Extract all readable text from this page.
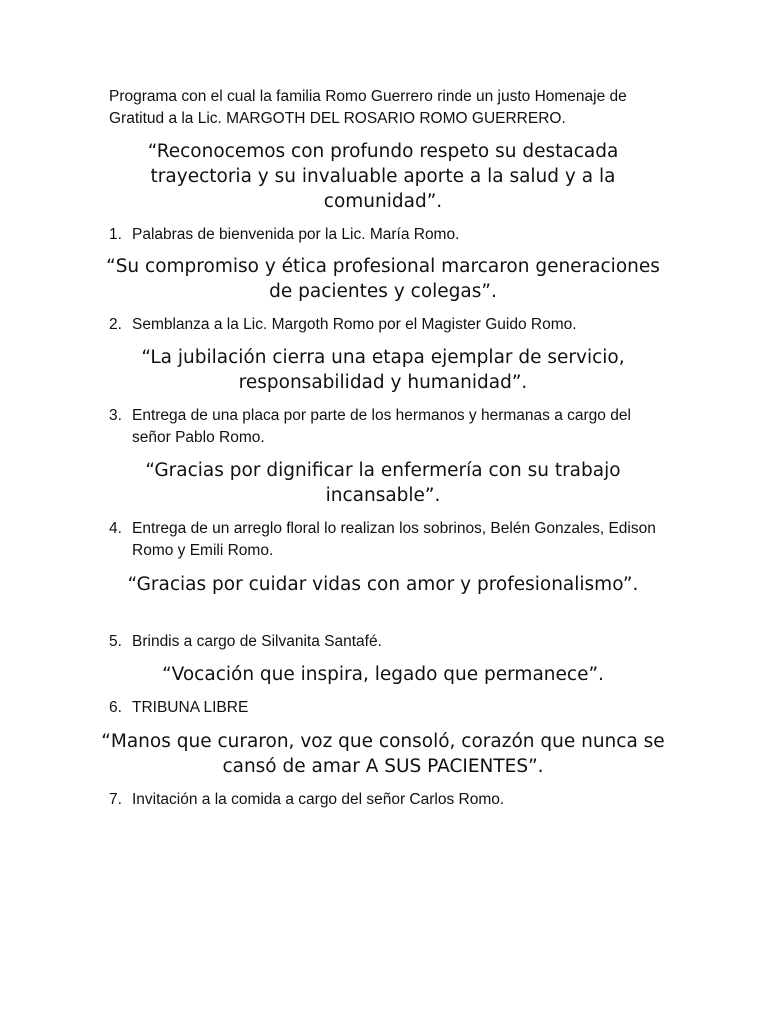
Programa con el cual la familia Romo Guerrero rinde un justo Homenaje de Gratitud a la Lic. MARGOTH DEL ROSARIO ROMO GUERRERO.

“Reconocemos con profundo respeto su destacada trayectoria y su invaluable aporte a la salud y a la comunidad”.
1. Palabras de bienvenida por la Lic. María Romo.
“Su compromiso y ética profesional marcaron generaciones de pacientes y colegas”.
2. Semblanza a la Lic. Margoth Romo por el Magister Guido Romo.
“La jubilación cierra una etapa ejemplar de servicio, responsabilidad y humanidad”.
3. Entrega de una placa por parte de los hermanos y hermanas a cargo del señor Pablo Romo.
“Gracias por dignificar la enfermería con su trabajo incansable”.
4. Entrega de un arreglo floral lo realizan los sobrinos, Belén Gonzales, Edison Romo y Emili Romo.
“Gracias por cuidar vidas con amor y profesionalismo”.
5. Brindis a cargo de Silvanita Santafé.
“Vocación que inspira, legado que permanece”.
6. TRIBUNA LIBRE
“Manos que curaron, voz que consoló, corazón que nunca se cansó de amar A SUS PACIENTES”.
7. Invitación a la comida a cargo del señor Carlos Romo.
